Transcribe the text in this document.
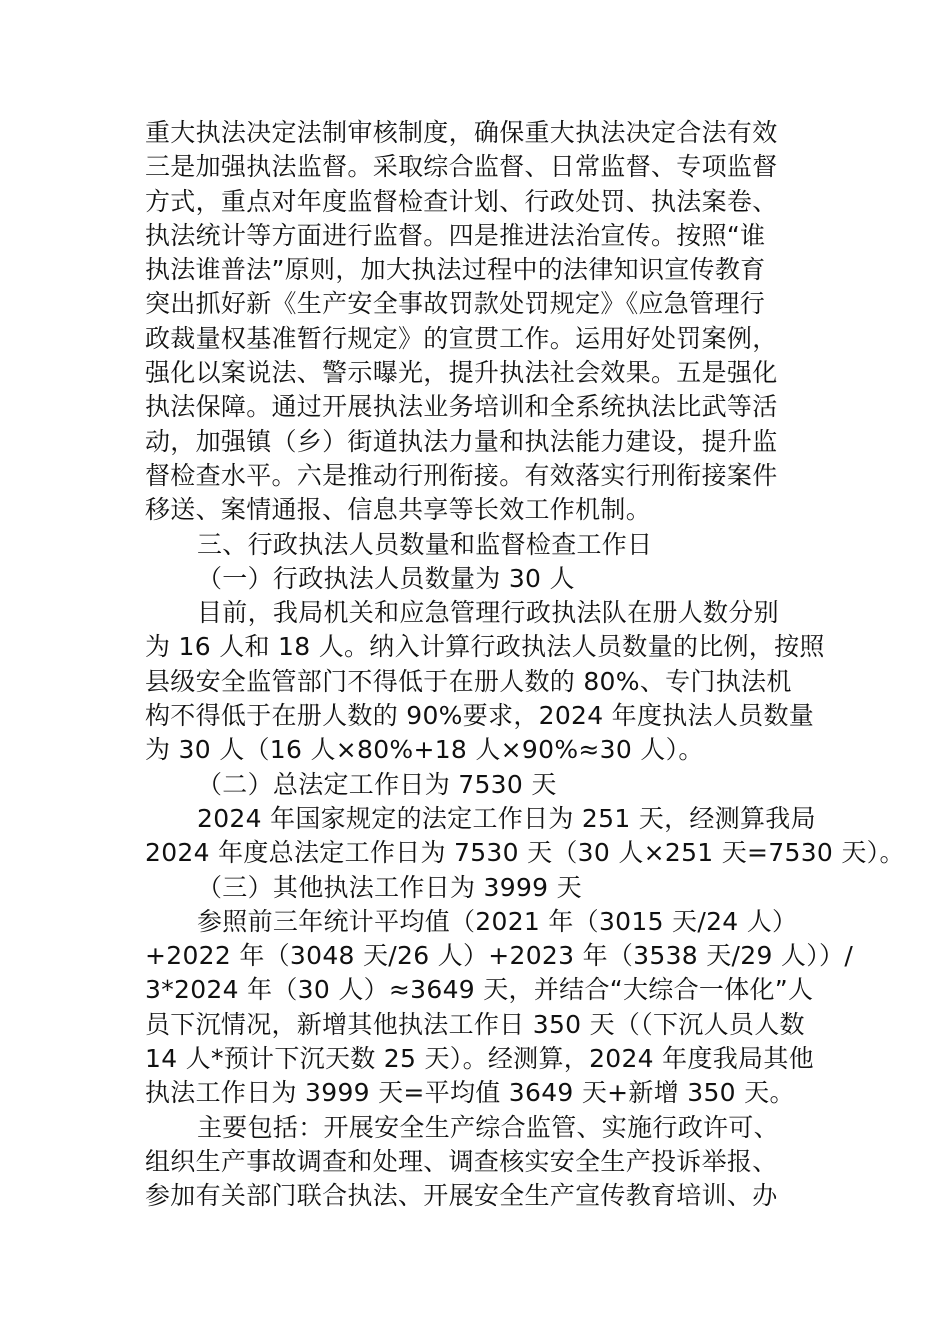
重大执法决定法制审核制度，确保重大执法决定合法有效
三是加强执法监督。采取综合监督、日常监督、专项监督
方式，重点对年度监督检查计划、行政处罚、执法案卷、
执法统计等方面进行监督。四是推进法治宣传。按照“谁
执法谁普法”原则，加大执法过程中的法律知识宣传教育
突出抓好新《生产安全事故罚款处罚规定》《应急管理行
政裁量权基准暂行规定》的宣贯工作。运用好处罚案例，
强化以案说法、警示曝光，提升执法社会效果。五是强化
执法保障。通过开展执法业务培训和全系统执法比武等活
动，加强镇（乡）街道执法力量和执法能力建设，提升监
督检查水平。六是推动行刑衔接。有效落实行刑衔接案件
移送、案情通报、信息共享等长效工作机制。
三、行政执法人员数量和监督检查工作日
（一）行政执法人员数量为 30 人
目前，我局机关和应急管理行政执法队在册人数分别
为 16 人和 18 人。纳入计算行政执法人员数量的比例，按照
县级安全监管部门不得低于在册人数的 80%、专门执法机
构不得低于在册人数的 90%要求，2024 年度执法人员数量
为 30 人（16 人×80%+18 人×90%≈30 人）。
（二）总法定工作日为 7530 天
2024 年国家规定的法定工作日为 251 天，经测算我局
2024 年度总法定工作日为 7530 天（30 人×251 天=7530 天）。
（三）其他执法工作日为 3999 天
参照前三年统计平均值（2021 年（3015 天/24 人）
+2022 年（3048 天/26 人）+2023 年（3538 天/29 人））/
3*2024 年（30 人）≈3649 天，并结合“大综合一体化”人
员下沉情况，新增其他执法工作日 350 天（（下沉人员人数
14 人*预计下沉天数 25 天）。经测算，2024 年度我局其他
执法工作日为 3999 天=平均值 3649 天+新增 350 天。
主要包括：开展安全生产综合监管、实施行政许可、
组织生产事故调查和处理、调查核实安全生产投诉举报、
参加有关部门联合执法、开展安全生产宣传教育培训、办
